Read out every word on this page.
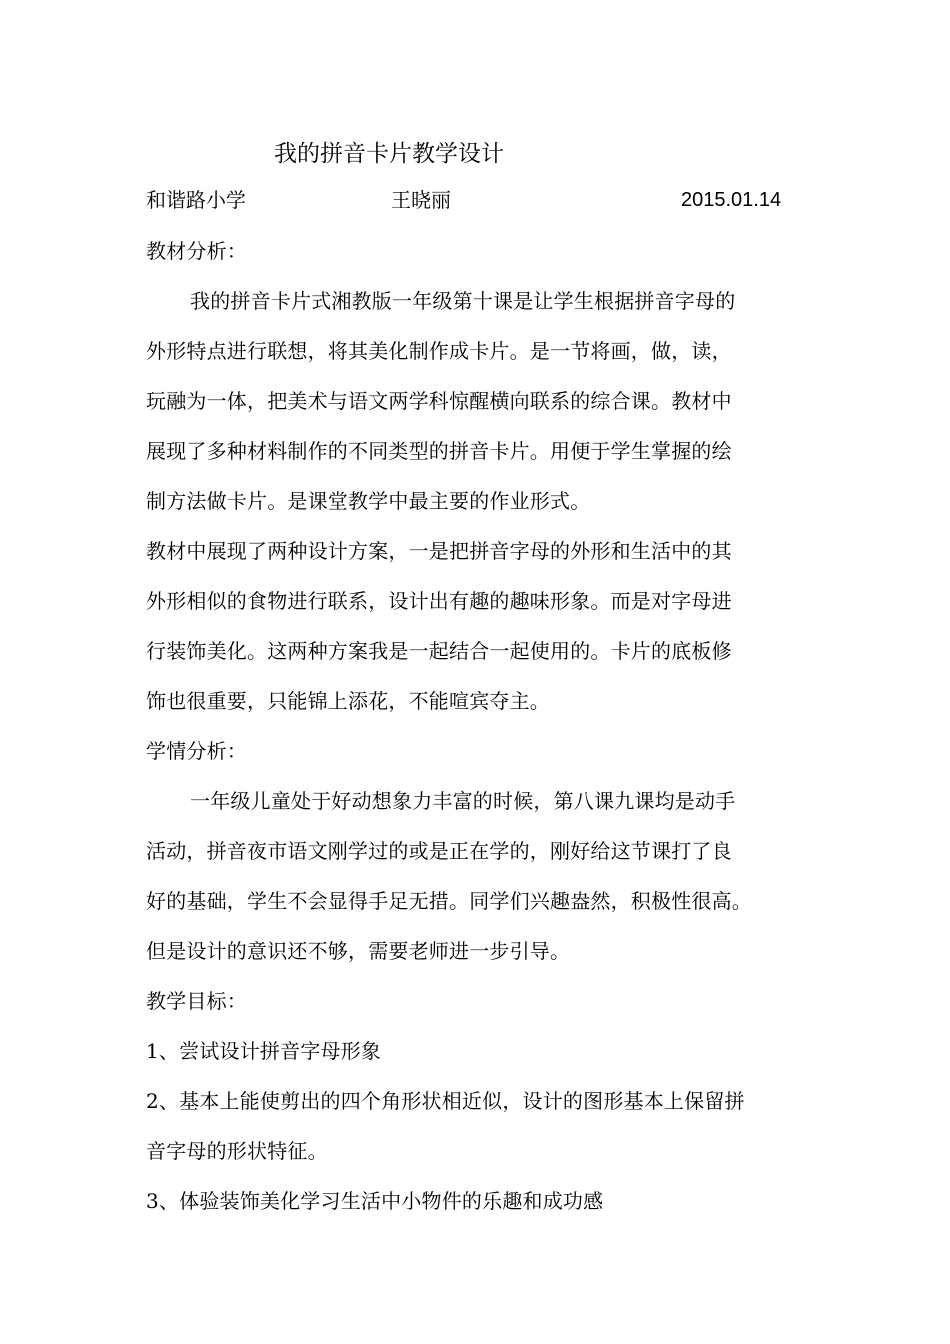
我的拼音卡片教学设计
和谐路小学	王晓丽	2015.01.14
教材分析：
我的拼音卡片式湘教版一年级第十课是让学生根据拼音字母的
外形特点进行联想，将其美化制作成卡片。是一节将画，做，读，
玩融为一体，把美术与语文两学科惊醒横向联系的综合课。教材中
展现了多种材料制作的不同类型的拼音卡片。用便于学生掌握的绘
制方法做卡片。是课堂教学中最主要的作业形式。
教材中展现了两种设计方案，一是把拼音字母的外形和生活中的其
外形相似的食物进行联系，设计出有趣的趣味形象。而是对字母进
行装饰美化。这两种方案我是一起结合一起使用的。卡片的底板修
饰也很重要，只能锦上添花，不能喧宾夺主。
学情分析：
一年级儿童处于好动想象力丰富的时候，第八课九课均是动手
活动，拼音夜市语文刚学过的或是正在学的，刚好给这节课打了良
好的基础，学生不会显得手足无措。同学们兴趣盎然，积极性很高。
但是设计的意识还不够，需要老师进一步引导。
教学目标：
1、尝试设计拼音字母形象
2、基本上能使剪出的四个角形状相近似，设计的图形基本上保留拼
音字母的形状特征。
3、体验装饰美化学习生活中小物件的乐趣和成功感
